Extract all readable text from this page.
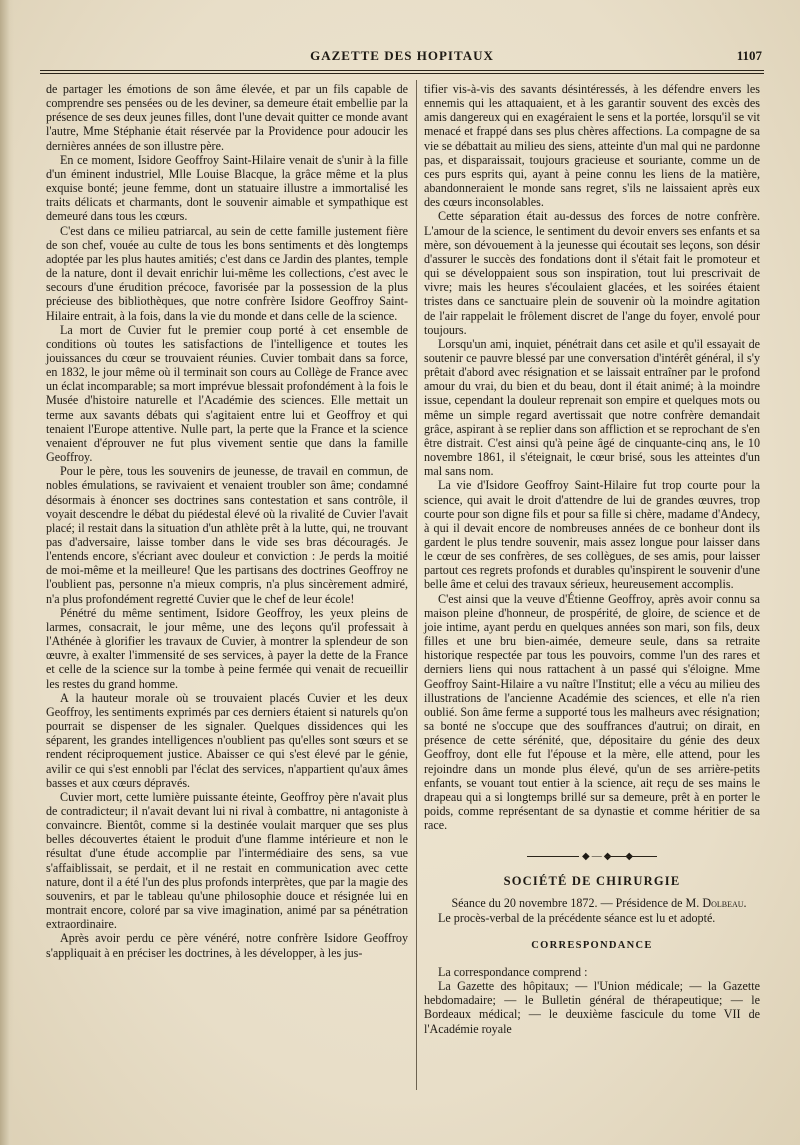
GAZETTE DES HOPITAUX	1107

de partager les émotions de son âme élevée, et par un fils capable de comprendre ses pensées ou de les deviner, sa demeure était embellie par la présence de ses deux jeunes filles, dont l'une devait quitter ce monde avant l'autre, Mme Stéphanie était réservée par la Providence pour adoucir les dernières années de son illustre père.

En ce moment, Isidore Geoffroy Saint-Hilaire venait de s'unir à la fille d'un éminent industriel, Mlle Louise Blacque, la grâce même et la plus exquise bonté; jeune femme, dont un statuaire illustre a immortalisé les traits délicats et charmants, dont le souvenir aimable et sympathique est demeuré dans tous les cœurs.

C'est dans ce milieu patriarcal, au sein de cette famille justement fière de son chef, vouée au culte de tous les bons sentiments et dès longtemps adoptée par les plus hautes amitiés; c'est dans ce Jardin des plantes, temple de la nature, dont il devait enrichir lui-même les collections, c'est avec le secours d'une érudition précoce, favorisée par la possession de la plus précieuse des bibliothèques, que notre confrère Isidore Geoffroy Saint-Hilaire entrait, à la fois, dans la vie du monde et dans celle de la science.

La mort de Cuvier fut le premier coup porté à cet ensemble de conditions où toutes les satisfactions de l'intelligence et toutes les jouissances du cœur se trouvaient réunies. Cuvier tombait dans sa force, en 1832, le jour même où il terminait son cours au Collège de France avec un éclat incomparable; sa mort imprévue blessait profondément à la fois le Musée d'histoire naturelle et l'Académie des sciences. Elle mettait un terme aux savants débats qui s'agitaient entre lui et Geoffroy et qui tenaient l'Europe attentive. Nulle part, la perte que la France et la science venaient d'éprouver ne fut plus vivement sentie que dans la famille Geoffroy.

Pour le père, tous les souvenirs de jeunesse, de travail en commun, de nobles émulations, se ravivaient et venaient troubler son âme; condamné désormais à énoncer ses doctrines sans contestation et sans contrôle, il voyait descendre le débat du piédestal élevé où la rivalité de Cuvier l'avait placé; il restait dans la situation d'un athlète prêt à la lutte, qui, ne trouvant pas d'adversaire, laisse tomber dans le vide ses bras découragés. Je l'entends encore, s'écriant avec douleur et conviction : Je perds la moitié de moi-même et la meilleure! Que les partisans des doctrines Geoffroy ne l'oublient pas, personne n'a mieux compris, n'a plus sincèrement admiré, n'a plus profondément regretté Cuvier que le chef de leur école!

Pénétré du même sentiment, Isidore Geoffroy, les yeux pleins de larmes, consacrait, le jour même, une des leçons qu'il professait à l'Athénée à glorifier les travaux de Cuvier, à montrer la splendeur de son œuvre, à exalter l'immensité de ses services, à payer la dette de la France et celle de la science sur la tombe à peine fermée qui venait de recueillir les restes du grand homme.

A la hauteur morale où se trouvaient placés Cuvier et les deux Geoffroy, les sentiments exprimés par ces derniers étaient si naturels qu'on pourrait se dispenser de les signaler. Quelques dissidences qui les séparent, les grandes intelligences n'oublient pas qu'elles sont sœurs et se rendent réciproquement justice. Abaisser ce qui s'est élevé par le génie, avilir ce qui s'est ennobli par l'éclat des services, n'appartient qu'aux âmes basses et aux cœurs dépravés.

Cuvier mort, cette lumière puissante éteinte, Geoffroy père n'avait plus de contradicteur; il n'avait devant lui ni rival à combattre, ni antagoniste à convaincre. Bientôt, comme si la destinée voulait marquer que ses plus belles découvertes étaient le produit d'une flamme intérieure et non le résultat d'une étude accomplie par l'intermédiaire des sens, sa vue s'affaiblissait, se perdait, et il ne restait en communication avec cette nature, dont il a été l'un des plus profonds interprètes, que par la magie des souvenirs, et par le tableau qu'une philosophie douce et résignée lui en montrait encore, coloré par sa vive imagination, animé par sa pénétration extraordinaire.

Après avoir perdu ce père vénéré, notre confrère Isidore Geoffroy s'appliquait à en préciser les doctrines, à les développer, à les jus-

tifier vis-à-vis des savants désintéressés, à les défendre envers les ennemis qui les attaquaient, et à les garantir souvent des excès des amis dangereux qui en exagéraient le sens et la portée, lorsqu'il se vit menacé et frappé dans ses plus chères affections. La compagne de sa vie se débattait au milieu des siens, atteinte d'un mal qui ne pardonne pas, et disparaissait, toujours gracieuse et souriante, comme un de ces purs esprits qui, ayant à peine connu les liens de la matière, abandonneraient le monde sans regret, s'ils ne laissaient après eux des cœurs inconsolables.

Cette séparation était au-dessus des forces de notre confrère. L'amour de la science, le sentiment du devoir envers ses enfants et sa mère, son dévouement à la jeunesse qui écoutait ses leçons, son désir d'assurer le succès des fondations dont il s'était fait le promoteur et qui se développaient sous son inspiration, tout lui prescrivait de vivre; mais les heures s'écoulaient glacées, et les soirées étaient tristes dans ce sanctuaire plein de souvenir où la moindre agitation de l'air rappelait le frôlement discret de l'ange du foyer, envolé pour toujours.

Lorsqu'un ami, inquiet, pénétrait dans cet asile et qu'il essayait de soutenir ce pauvre blessé par une conversation d'intérêt général, il s'y prêtait d'abord avec résignation et se laissait entraîner par le profond amour du vrai, du bien et du beau, dont il était animé; à la moindre issue, cependant la douleur reprenait son empire et quelques mots ou même un simple regard avertissait que notre confrère demandait grâce, aspirant à se replier dans son affliction et se reprochant de s'en être distrait. C'est ainsi qu'à peine âgé de cinquante-cinq ans, le 10 novembre 1861, il s'éteignait, le cœur brisé, sous les atteintes d'un mal sans nom.

La vie d'Isidore Geoffroy Saint-Hilaire fut trop courte pour la science, qui avait le droit d'attendre de lui de grandes œuvres, trop courte pour son digne fils et pour sa fille si chère, madame d'Andecy, à qui il devait encore de nombreuses années de ce bonheur dont ils gardent le plus tendre souvenir, mais assez longue pour laisser dans le cœur de ses confrères, de ses collègues, de ses amis, pour laisser partout ces regrets profonds et durables qu'inspirent le souvenir d'une belle âme et celui des travaux sérieux, heureusement accomplis.

C'est ainsi que la veuve d'Étienne Geoffroy, après avoir connu sa maison pleine d'honneur, de prospérité, de gloire, de science et de joie intime, ayant perdu en quelques années son mari, son fils, deux filles et une bru bien-aimée, demeure seule, dans sa retraite historique respectée par tous les pouvoirs, comme l'un des rares et derniers liens qui nous rattachent à un passé qui s'éloigne. Mme Geoffroy Saint-Hilaire a vu naître l'Institut; elle a vécu au milieu des illustrations de l'ancienne Académie des sciences, et elle n'a rien oublié. Son âme ferme a supporté tous les malheurs avec résignation; sa bonté ne s'occupe que des souffrances d'autrui; on dirait, en présence de cette sérénité, que, dépositaire du génie des deux Geoffroy, dont elle fut l'épouse et la mère, elle attend, pour les rejoindre dans un monde plus élevé, qu'un de ses arrière-petits enfants, se vouant tout entier à la science, ait reçu de ses mains le drapeau qui a si longtemps brillé sur sa demeure, prêt à en porter le poids, comme représentant de sa dynastie et comme héritier de sa race.

◆—◆—◆
SOCIÉTÉ DE CHIRURGIE

Séance du 20 novembre 1872. — Présidence de M. Dolbeau.

Le procès-verbal de la précédente séance est lu et adopté.

CORRESPONDANCE

La correspondance comprend :

La Gazette des hôpitaux; — l'Union médicale; — la Gazette hebdomadaire; — le Bulletin général de thérapeutique; — le Bordeaux médical; — le deuxième fascicule du tome VII de l'Académie royale
